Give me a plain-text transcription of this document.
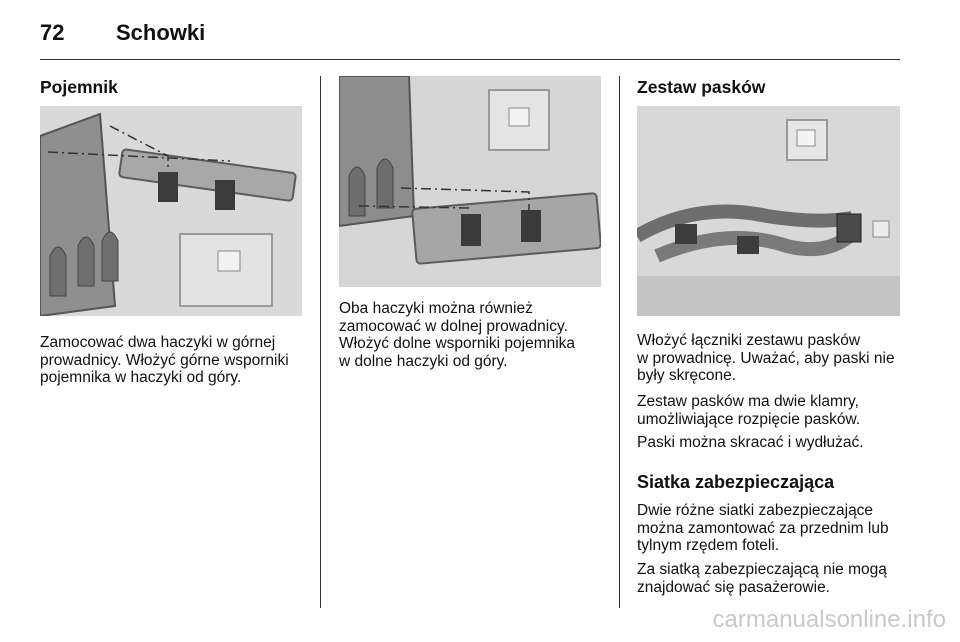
72 Schowki
Pojemnik

Zamocować dwa haczyki w górnej
prowadnicy. Włożyć górne wsporniki
pojemnika w haczyki od góry.

Oba haczyki można również
zamocować w dolnej prowadnicy.
Włożyć dolne wsporniki pojemnika
w dolne haczyki od góry.

Zestaw pasków

Włożyć łączniki zestawu pasków
w prowadnicę. Uważać, aby paski nie
były skręcone.

Zestaw pasków ma dwie klamry,
umożliwiające rozpięcie pasków.

Paski można skracać i wydłużać.

Siatka zabezpieczająca

Dwie różne siatki zabezpieczające
można zamontować za przednim lub
tylnym rzędem foteli.

Za siatką zabezpieczającą nie mogą
znajdować się pasażerowie.

carmanualsonline.info
